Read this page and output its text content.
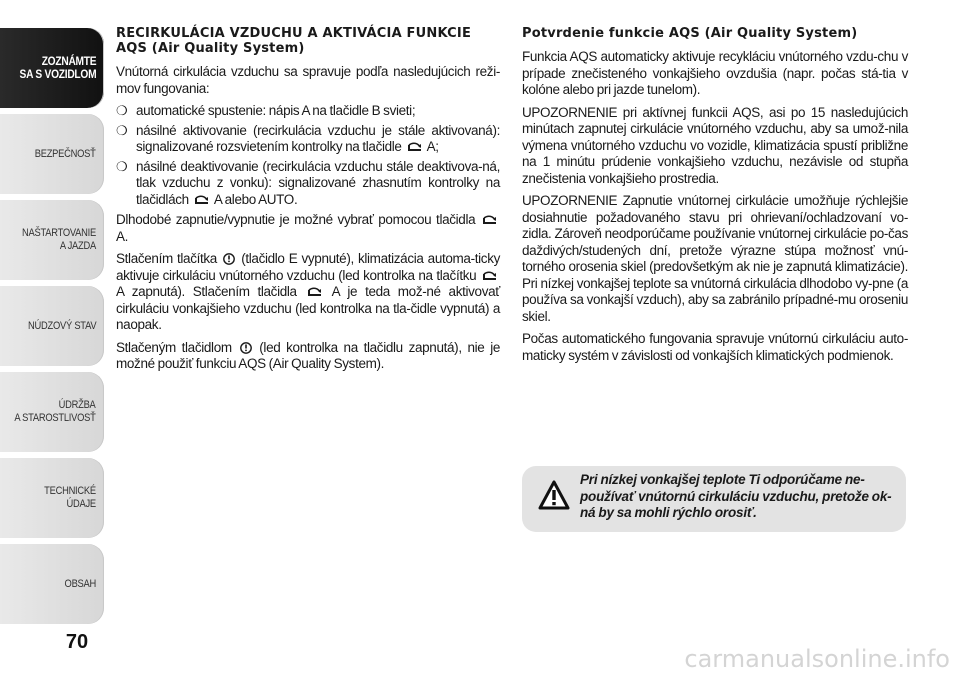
ZOZNÁMTE
SA S VOZIDLOM
BEZPEČNOSŤ
NAŠTARTOVANIE
A JAZDA
NÚDZOVÝ STAV
ÚDRŽBA
A STAROSTLIVOSŤ
TECHNICKÉ
ÚDAJE
OBSAH
70
RECIRKULÁCIA VZDUCHU A AKTIVÁCIA FUNKCIE AQS (Air Quality System)

Vnútorná cirkulácia vzduchu sa spravuje podľa nasledujúcich reži-mov fungovania:

❍ automatické spustenie: nápis A na tlačidle B svieti;
❍ násilné aktivovanie (recirkulácia vzduchu je stále aktivovaná): signalizované rozsvietením kontrolky na tlačidle A;
❍ násilné deaktivovanie (recirkulácia vzduchu stále deaktivova-ná, tlak vzduchu z vonku): signalizované zhasnutím kontrolky na tlačidlách A alebo AUTO.

Dlhodobé zapnutie/vypnutie je možné vybrať pomocou tlačidla
A.

Stlačením tlačítka (tlačidlo E vypnuté), klimatizácia automa-ticky aktivuje cirkuláciu vnútorného vzduchu (led kontrolka na tlačítku
A zapnutá). Stlačením tlačidla	A je teda mož-né aktivovať cirkuláciu vonkajšieho vzduchu (led kontrolka na tla-čidle vypnutá) a naopak.

Stlačeným tlačidlom (led kontrolka na tlačidlu zapnutá), nie je možné použiť funkciu AQS (Air Quality System).

Potvrdenie funkcie AQS (Air Quality System)

Funkcia AQS automaticky aktivuje recykláciu vnútorného vzdu-chu v prípade znečisteného vonkajšieho ovzdušia (napr. počas stá-tia v kolóne alebo pri jazde tunelom).

UPOZORNENIE pri aktívnej funkcii AQS, asi po 15 nasledujúcich minútach zapnutej cirkulácie vnútorného vzduchu, aby sa umož-nila výmena vnútorného vzduchu vo vozidle, klimatizácia spustí približne na 1 minútu prúdenie vonkajšieho vzduchu, nezávisle od stupňa znečistenia vonkajšieho prostredia.

UPOZORNENIE Zapnutie vnútornej cirkulácie umožňuje rýchlejšie dosiahnutie požadovaného stavu pri ohrievaní/ochladzovaní vo-zidla. Zároveň neodporúčame používanie vnútornej cirkulácie po-čas daždivých/studených dní, pretože výrazne stúpa možnosť vnú-torného orosenia skiel (predovšetkým ak nie je zapnutá klimatizácie). Pri nízkej vonkajšej teplote sa vnútorná cirkulácia dlhodobo vy-pne (a používa sa vonkajší vzduch), aby sa zabránilo prípadné-mu oroseniu skiel.

Počas automatického fungovania spravuje vnútornú cirkuláciu auto-maticky systém v závislosti od vonkajších klimatických podmienok.

Pri nízkej vonkajšej teplote Ti odporúčame ne-používať vnútornú cirkuláciu vzduchu, pretože ok-ná by sa mohli rýchlo orosiť.

carmanualsonline.info
